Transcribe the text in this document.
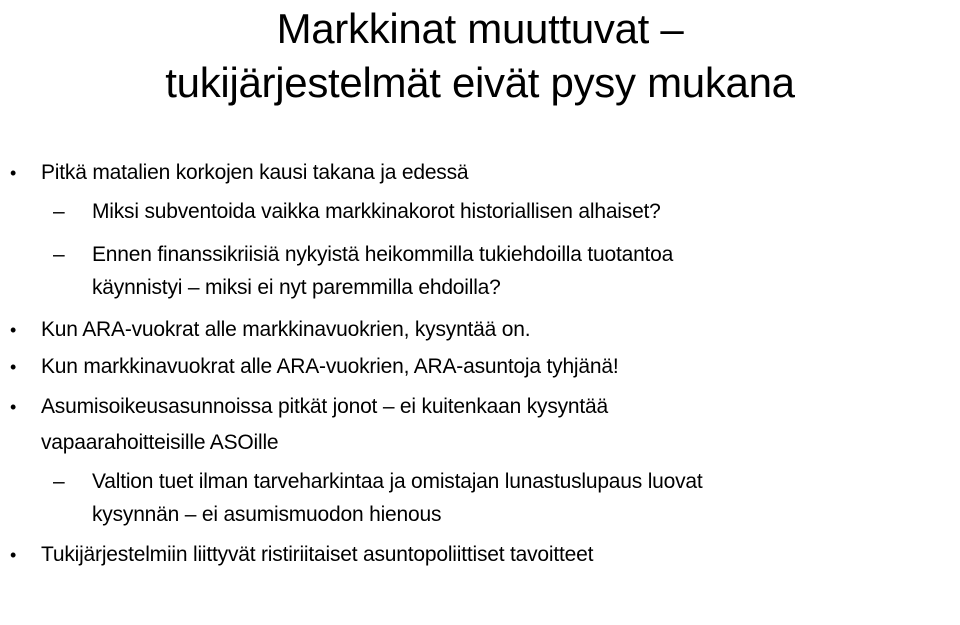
Markkinat muuttuvat –
tukijärjestelmät eivät pysy mukana
• Pitkä matalien korkojen kausi takana ja edessä
– Miksi subventoida vaikka markkinakorot historiallisen alhaiset?
– Ennen finanssikriisiä nykyistä heikommilla tukiehdoilla tuotantoa
käynnistyi – miksi ei nyt paremmilla ehdoilla?
• Kun ARA-vuokrat alle markkinavuokrien, kysyntää on.
• Kun markkinavuokrat alle ARA-vuokrien, ARA-asuntoja tyhjänä!
• Asumisoikeusasunnoissa pitkät jonot – ei kuitenkaan kysyntää
vapaarahoitteisille ASOille
– Valtion tuet ilman tarveharkintaa ja omistajan lunastuslupaus luovat
kysynnän – ei asumismuodon hienous
• Tukijärjestelmiin liittyvät ristiriitaiset asuntopoliittiset tavoitteet
